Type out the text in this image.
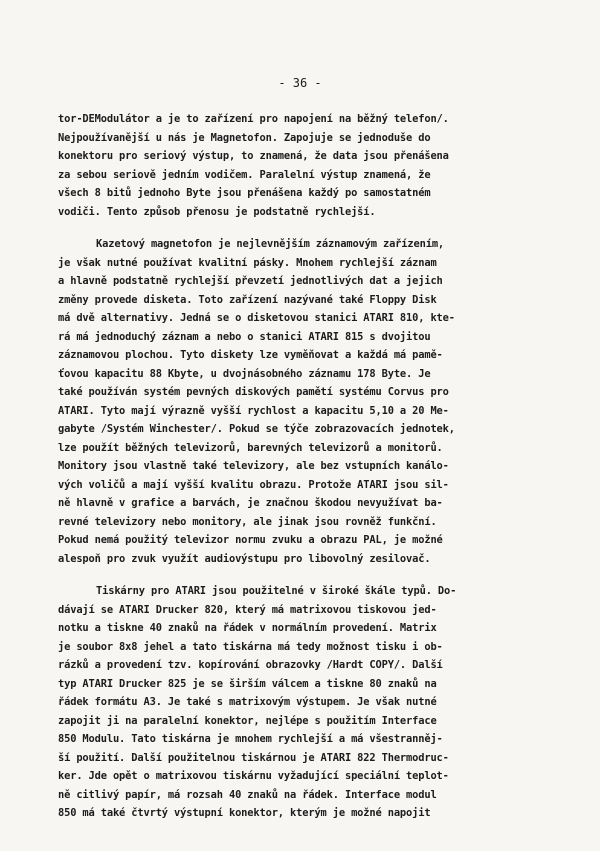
- 36 -
tor-DEModulátor a je to zařízení pro napojení na běžný telefon/.
Nejpoužívanější u nás je Magnetofon. Zapojuje se jednoduše do
konektoru pro seriový výstup, to znamená, že data jsou přenášena
za sebou seriově jedním vodičem. Paralelní výstup znamená, že
všech 8 bitů jednoho Byte jsou přenášena každý po samostatném
vodiči. Tento způsob přenosu je podstatně rychlejší.
Kazetový magnetofon je nejlevnějším záznamovým zařízením,
je však nutné používat kvalitní pásky. Mnohem rychlejší záznam
a hlavně podstatně rychlejší převzetí jednotlivých dat a jejich
změny provede disketa. Toto zařízení nazývané také Floppy Disk
má dvě alternativy. Jedná se o disketovou stanici ATARI 810, kte-
rá má jednoduchý záznam a nebo o stanici ATARI 815 s dvojitou
záznamovou plochou. Tyto diskety lze vyměňovat a každá má pamě-
ťovou kapacitu 88 Kbyte, u dvojnásobného záznamu 178 Byte. Je
také používán systém pevných diskových pamětí systému Corvus pro
ATARI. Tyto mají výrazně vyšší rychlost a kapacitu 5,10 a 20 Me-
gabyte /Systém Winchester/. Pokud se týče zobrazovacích jednotek,
lze použít běžných televizorů, barevných televizorů a monitorů.
Monitory jsou vlastně také televizory, ale bez vstupních kanálo-
vých voličů a mají vyšší kvalitu obrazu. Protože ATARI jsou sil-
ně hlavně v grafice a barvách, je značnou škodou nevyužívat ba-
revné televizory nebo monitory, ale jinak jsou rovněž funkční.
Pokud nemá použitý televizor normu zvuku a obrazu PAL, je možné
alespoň pro zvuk využít audiovýstupu pro libovolný zesilovač.
Tiskárny pro ATARI jsou použitelné v široké škále typů. Do-
dávají se ATARI Drucker 820, který má matrixovou tiskovou jed-
notku a tiskne 40 znaků na řádek v normálním provedení. Matrix
je soubor 8x8 jehel a tato tiskárna má tedy možnost tisku i ob-
rázků a provedení tzv. kopírování obrazovky /Hardt COPY/. Další
typ ATARI Drucker 825 je se širším válcem a tiskne 80 znaků na
řádek formátu A3. Je také s matrixovým výstupem. Je však nutné
zapojit ji na paralelní konektor, nejlépe s použitím Interface
850 Modulu. Tato tiskárna je mnohem rychlejší a má všestranněj-
ší použití. Další použitelnou tiskárnou je ATARI 822 Thermodruc-
ker. Jde opět o matrixovou tiskárnu vyžadující speciální teplot-
ně citlivý papír, má rozsah 40 znaků na řádek. Interface modul
850 má také čtvrtý výstupní konektor, kterým je možné napojit
